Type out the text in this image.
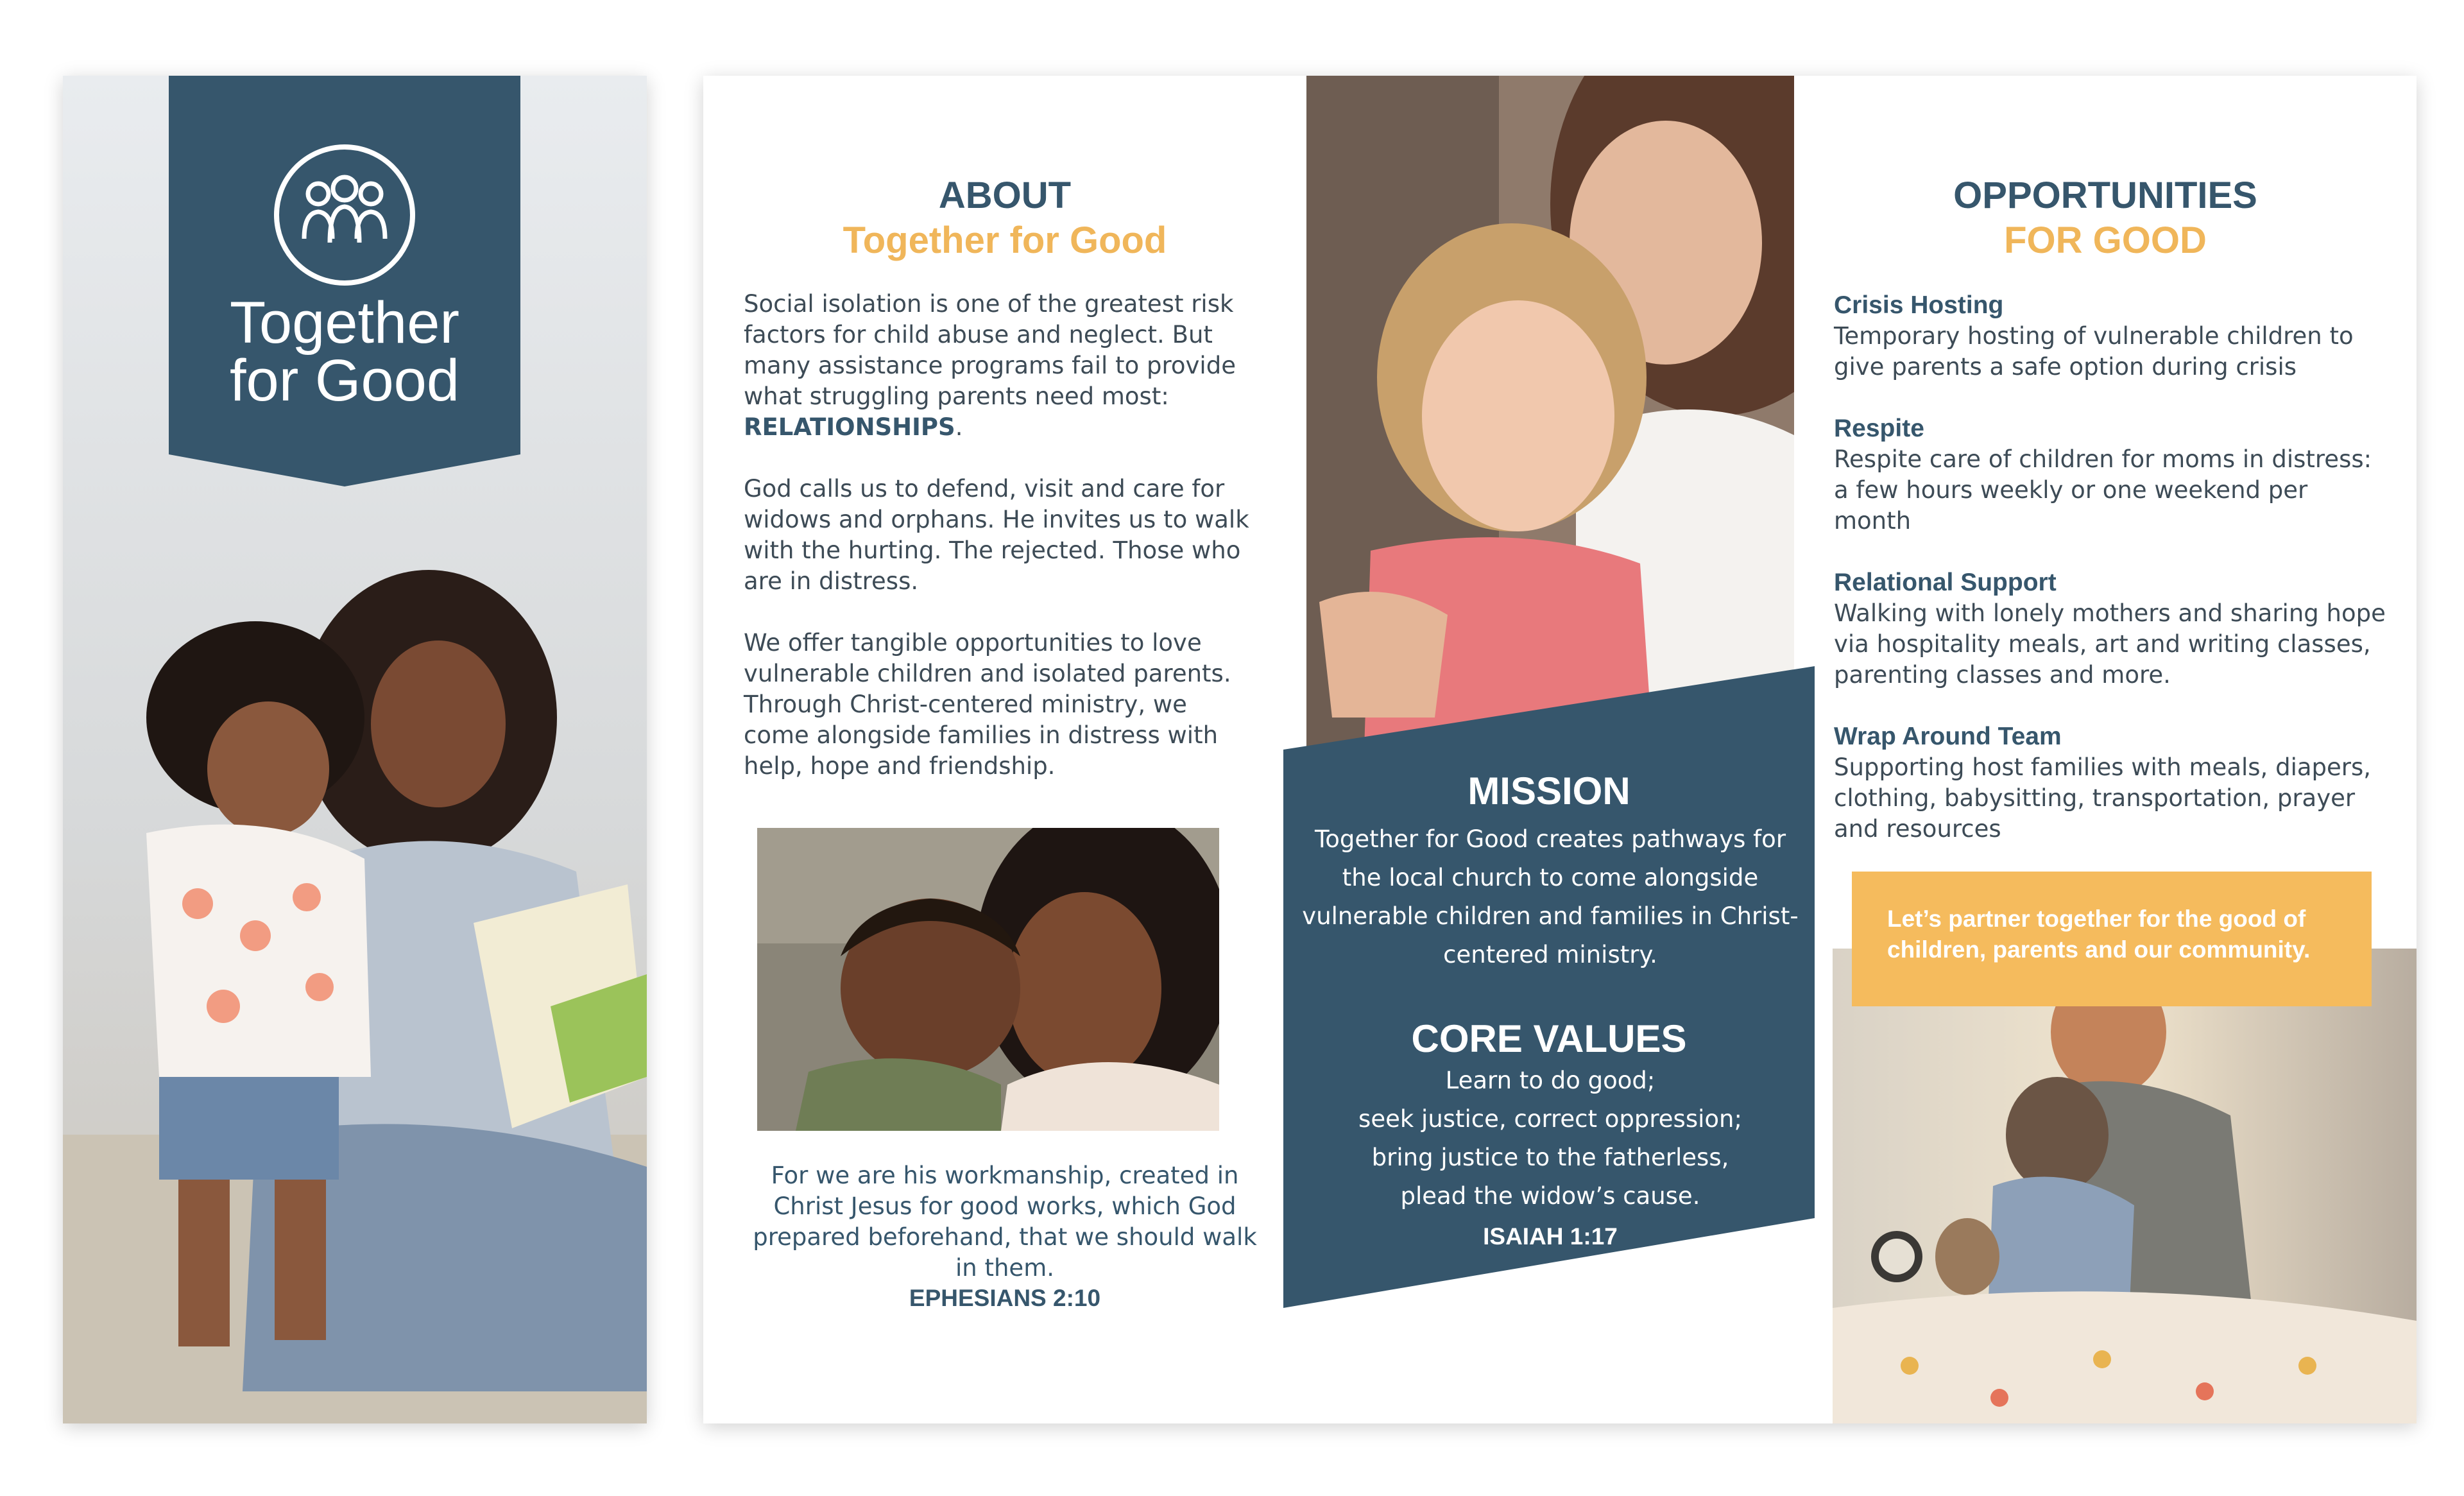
Together
for Good
ABOUT
Together for Good

Social isolation is one of the greatest risk factors for child abuse and neglect. But many assistance programs fail to provide what struggling parents need most:
RELATIONSHIPS.

God calls us to defend, visit and care for widows and orphans. He invites us to walk with the hurting. The rejected. Those who are in distress.

We offer tangible opportunities to love vulnerable children and isolated parents. Through Christ-centered ministry, we come alongside families in distress with help, hope and friendship.

For we are his workmanship, created in Christ Jesus for good works, which God prepared beforehand, that we should walk in them.
EPHESIANS 2:10
MISSION
Together for Good creates pathways for the local church to come alongside vulnerable children and families in Christ-centered ministry.
CORE VALUES
Learn to do good;
seek justice, correct oppression;
bring justice to the fatherless,
plead the widow’s cause.
ISAIAH 1:17
OPPORTUNITIES
FOR GOOD
Crisis Hosting
Temporary hosting of vulnerable children to give parents a safe option during crisis
Respite
Respite care of children for moms in distress: a few hours weekly or one weekend per month
Relational Support
Walking with lonely mothers and sharing hope via hospitality meals, art and writing classes, parenting classes and more.
Wrap Around Team
Supporting host families with meals, diapers, clothing, babysitting, transportation, prayer and resources
Let’s partner together for the good of children, parents and our community.
